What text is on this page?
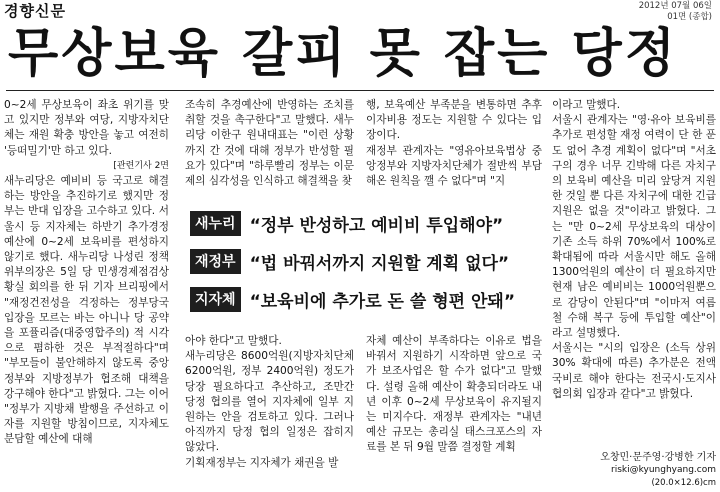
경향신문	2012년 07월 06일
01면 (종합)
무상보육 갈피 못 잡는 당정

0~2세 무상보육이 좌초 위기를 맞고 있지만 정부와 여당, 지방자치단체는 재원 확충 방안을 놓고 여전히 '등떠밀기'만 하고 있다.

[관련기사 2면

새누리당은 예비비 등 국고로 해결하는 방안을 추진하기로 했지만 정부는 반대 입장을 고수하고 있다. 서울시 등 지자체는 하반기 추가경정예산에 0~2세 보육비를 편성하지 않기로 했다. 새누리당 나성린 정책위부의장은 5일 당 민생경제점검상황실 회의를 한 뒤 기자 브리핑에서 "재정건전성을 걱정하는 정부당국 입장을 모르는 바는 아니나 당 공약을 포퓰리즘(대중영합주의) 적 시각으로 폄하한 것은 부적절하다"며 "부모들이 불안해하지 않도록 중앙정부와 지방정부가 협조해 대책을 강구해야 한다"고 밝혔다. 그는 이어 "정부가 지방채 발행을 주선하고 이자를 지원할 방침이므로, 지자체도 분담할 예산에 대해

조속히 추경예산에 반영하는 조치를 취할 것을 촉구한다"고 말했다. 새누리당 이한구 원내대표는 "이런 상황까지 간 것에 대해 정부가 반성할 필요가 있다"며 "하루빨리 정부는 이문제의 심각성을 인식하고 해결책을 찾

행, 보육예산 부족분을 변통하면 추후 이자비용 정도는 지원할 수 있다는 입장이다.
재정부 관계자는 "영유아보육법상 중앙정부와 지방자치단체가 절반씩 부담해온 원칙을 깰 수 없다"며 "지

새누리 “정부 반성하고 예비비 투입해야”
재정부 “법 바꿔서까지 지원할 계획 없다”
지자체 “보육비에 추가로 돈 쓸 형편 안돼”

아야 한다"고 말했다.
새누리당은 8600억원(지방자치단체 6200억원, 정부 2400억원) 정도가 당장 필요하다고 추산하고, 조만간 당정 협의를 열어 지자체에 일부 지원하는 안을 검토하고 있다. 그러나 아직까지 당정 협의 일정은 잡히지 않았다.
기획재정부는 지자체가 채권을 발

자체 예산이 부족하다는 이유로 법을 바꿔서 지원하기 시작하면 앞으로 국가 보조사업은 할 수가 없다"고 말했다. 설령 올해 예산이 확충되더라도 내년 이후 0~2세 무상보육이 유지될지는 미지수다. 재정부 관계자는 "내년 예산 규모는 총리실 태스크포스의 자료를 본 뒤 9월 말쯤 결정할 계획

이라고 말했다.
서울시 관계자는 "영·유아 보육비를 추가로 편성할 재정 여력이 단 한 푼도 없어 추경 계획이 없다"며 "서초구의 경우 너무 긴박해 다른 자치구의 보육비 예산을 미리 앞당겨 지원한 것일 뿐 다른 자치구에 대한 긴급지원은 없을 것"이라고 밝혔다. 그는 "만 0~2세 무상보육의 대상이 기존 소득 하위 70%에서 100%로 확대됨에 따라 서울시만 해도 올해 1300억원의 예산이 더 필요하지만 현재 남은 예비비는 1000억원뿐으로 감당이 안된다"며 "이마저 여름철 수해 복구 등에 투입할 예산"이라고 설명했다.
서울시는 "시의 입장은 (소득 상위 30% 확대에 따른) 추가분은 전액 국비로 해야 한다는 전국시·도지사협의회 입장과 같다"고 밝혔다.

오창민·문주영·강병한 기자
riski@kyunghyang.com
(20.0×12.6)cm
